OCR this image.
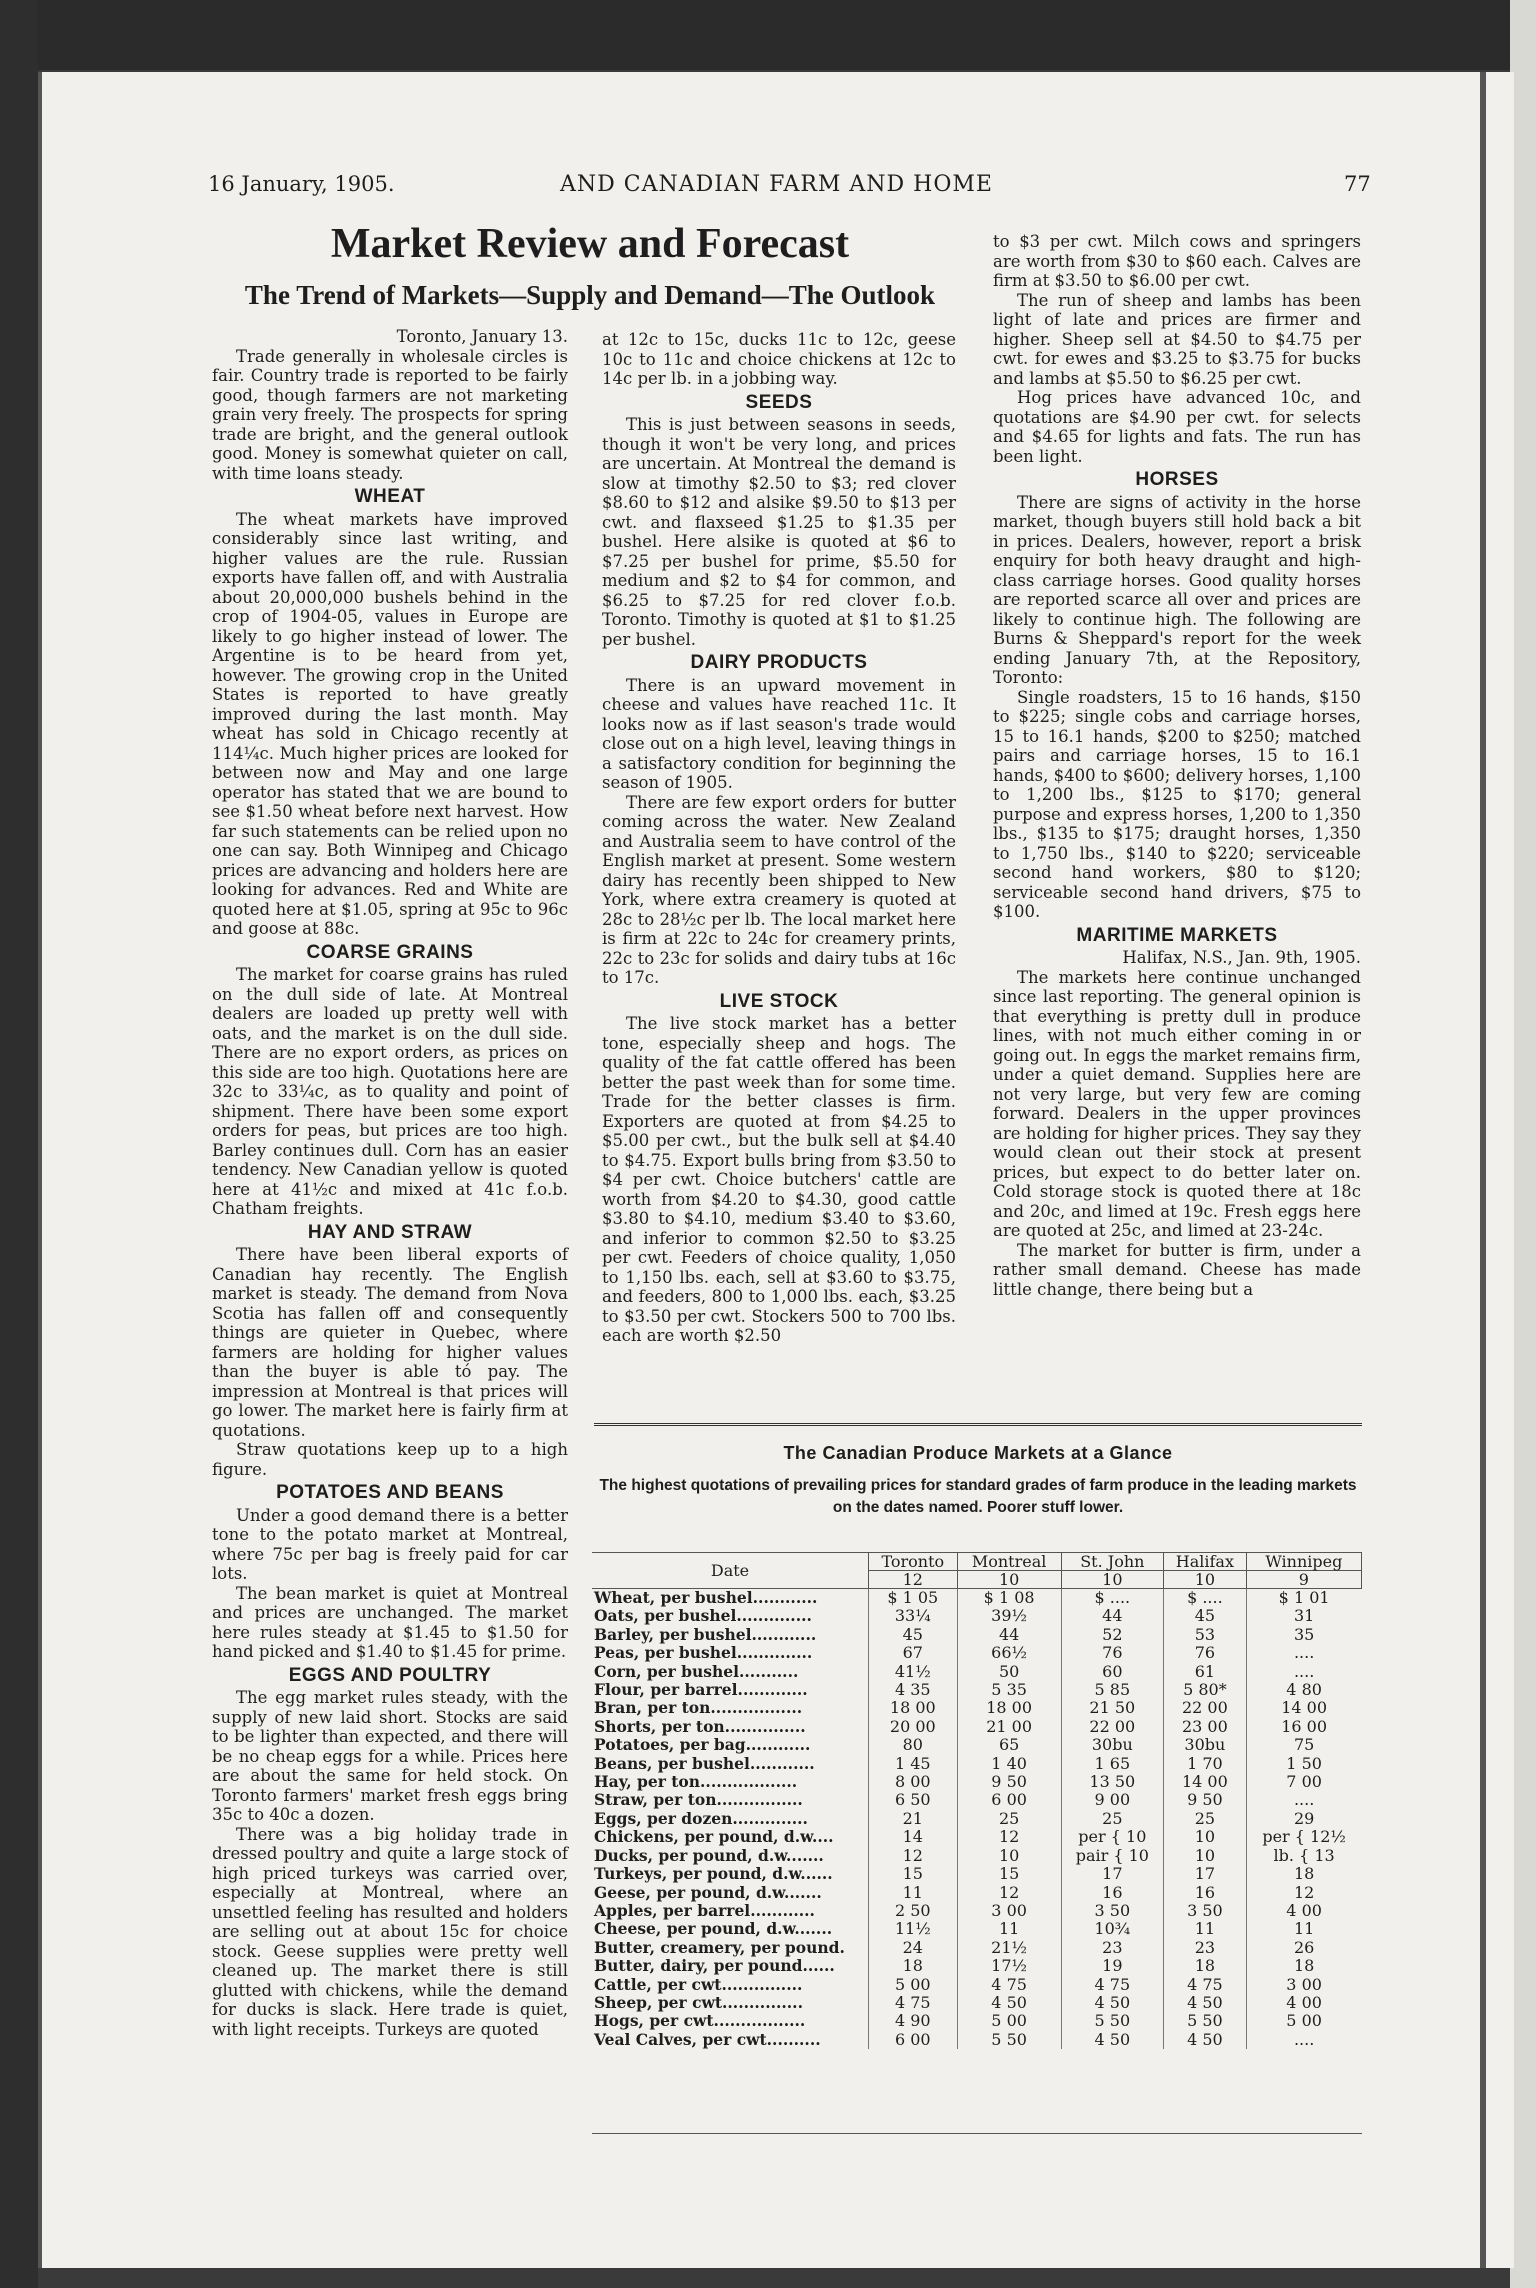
16 January, 1905.	AND CANADIAN FARM AND HOME	77
Market Review and Forecast
The Trend of Markets—Supply and Demand—The Outlook

Toronto, January 13.

Trade generally in wholesale circles is fair. Country trade is reported to be fairly good, though farmers are not marketing grain very freely. The prospects for spring trade are bright, and the general outlook good. Money is somewhat quieter on call, with time loans steady.

WHEAT

The wheat markets have improved considerably since last writing, and higher values are the rule. Russian exports have fallen off, and with Australia about 20,000,000 bushels behind in the crop of 1904-05, values in Europe are likely to go higher instead of lower. The Argentine is to be heard from yet, however. The growing crop in the United States is reported to have greatly improved during the last month. May wheat has sold in Chicago recently at 114¼c. Much higher prices are looked for between now and May and one large operator has stated that we are bound to see $1.50 wheat before next harvest. How far such statements can be relied upon no one can say. Both Winnipeg and Chicago prices are advancing and holders here are looking for advances. Red and White are quoted here at $1.05, spring at 95c to 96c and goose at 88c.

COARSE GRAINS

The market for coarse grains has ruled on the dull side of late. At Montreal dealers are loaded up pretty well with oats, and the market is on the dull side. There are no export orders, as prices on this side are too high. Quotations here are 32c to 33¼c, as to quality and point of shipment. There have been some export orders for peas, but prices are too high. Barley continues dull. Corn has an easier tendency. New Canadian yellow is quoted here at 41½c and mixed at 41c f.o.b. Chatham freights.

HAY AND STRAW

There have been liberal exports of Canadian hay recently. The English market is steady. The demand from Nova Scotia has fallen off and consequently things are quieter in Quebec, where farmers are holding for higher values than the buyer is able tó pay. The impression at Montreal is that prices will go lower. The market here is fairly firm at quotations.

Straw quotations keep up to a high figure.

POTATOES AND BEANS

Under a good demand there is a better tone to the potato market at Montreal, where 75c per bag is freely paid for car lots.

The bean market is quiet at Montreal and prices are unchanged. The market here rules steady at $1.45 to $1.50 for hand picked and $1.40 to $1.45 for prime.

EGGS AND POULTRY

The egg market rules steady, with the supply of new laid short. Stocks are said to be lighter than expected, and there will be no cheap eggs for a while. Prices here are about the same for held stock. On Toronto farmers' market fresh eggs bring 35c to 40c a dozen.

There was a big holiday trade in dressed poultry and quite a large stock of high priced turkeys was carried over, especially at Montreal, where an unsettled feeling has resulted and holders are selling out at about 15c for choice stock. Geese supplies were pretty well cleaned up. The market there is still glutted with chickens, while the demand for ducks is slack. Here trade is quiet, with light receipts. Turkeys are quoted

at 12c to 15c, ducks 11c to 12c, geese 10c to 11c and choice chickens at 12c to 14c per lb. in a jobbing way.

SEEDS

This is just between seasons in seeds, though it won't be very long, and prices are uncertain. At Montreal the demand is slow at timothy $2.50 to $3; red clover $8.60 to $12 and alsike $9.50 to $13 per cwt. and flaxseed $1.25 to $1.35 per bushel. Here alsike is quoted at $6 to $7.25 per bushel for prime, $5.50 for medium and $2 to $4 for common, and $6.25 to $7.25 for red clover f.o.b. Toronto. Timothy is quoted at $1 to $1.25 per bushel.

DAIRY PRODUCTS

There is an upward movement in cheese and values have reached 11c. It looks now as if last season's trade would close out on a high level, leaving things in a satisfactory condition for beginning the season of 1905.

There are few export orders for butter coming across the water. New Zealand and Australia seem to have control of the English market at present. Some western dairy has recently been shipped to New York, where extra creamery is quoted at 28c to 28½c per lb. The local market here is firm at 22c to 24c for creamery prints, 22c to 23c for solids and dairy tubs at 16c to 17c.

LIVE STOCK

The live stock market has a better tone, especially sheep and hogs. The quality of the fat cattle offered has been better the past week than for some time. Trade for the better classes is firm. Exporters are quoted at from $4.25 to $5.00 per cwt., but the bulk sell at $4.40 to $4.75. Export bulls bring from $3.50 to $4 per cwt. Choice butchers' cattle are worth from $4.20 to $4.30, good cattle $3.80 to $4.10, medium $3.40 to $3.60, and inferior to common $2.50 to $3.25 per cwt. Feeders of choice quality, 1,050 to 1,150 lbs. each, sell at $3.60 to $3.75, and feeders, 800 to 1,000 lbs. each, $3.25 to $3.50 per cwt. Stockers 500 to 700 lbs. each are worth $2.50

to $3 per cwt. Milch cows and springers are worth from $30 to $60 each. Calves are firm at $3.50 to $6.00 per cwt.

The run of sheep and lambs has been light of late and prices are firmer and higher. Sheep sell at $4.50 to $4.75 per cwt. for ewes and $3.25 to $3.75 for bucks and lambs at $5.50 to $6.25 per cwt.

Hog prices have advanced 10c, and quotations are $4.90 per cwt. for selects and $4.65 for lights and fats. The run has been light.

HORSES

There are signs of activity in the horse market, though buyers still hold back a bit in prices. Dealers, however, report a brisk enquiry for both heavy draught and high-class carriage horses. Good quality horses are reported scarce all over and prices are likely to continue high. The following are Burns & Sheppard's report for the week ending January 7th, at the Repository, Toronto:

Single roadsters, 15 to 16 hands, $150 to $225; single cobs and carriage horses, 15 to 16.1 hands, $200 to $250; matched pairs and carriage horses, 15 to 16.1 hands, $400 to $600; delivery horses, 1,100 to 1,200 lbs., $125 to $170; general purpose and express horses, 1,200 to 1,350 lbs., $135 to $175; draught horses, 1,350 to 1,750 lbs., $140 to $220; serviceable second hand workers, $80 to $120; serviceable second hand drivers, $75 to $100.

MARITIME MARKETS

Halifax, N.S., Jan. 9th, 1905.

The markets here continue unchanged since last reporting. The general opinion is that everything is pretty dull in produce lines, with not much either coming in or going out. In eggs the market remains firm, under a quiet demand. Supplies here are not very large, but very few are coming forward. Dealers in the upper provinces are holding for higher prices. They say they would clean out their stock at present prices, but expect to do better later on. Cold storage stock is quoted there at 18c and 20c, and limed at 19c. Fresh eggs here are quoted at 25c, and limed at 23-24c.

The market for butter is firm, under a rather small demand. Cheese has made little change, there being but a

The Canadian Produce Markets at a Glance
The highest quotations of prevailing prices for standard grades of farm produce in the leading markets on the dates named. Poorer stuff lower.
Date	Toronto	Montreal	St. John	Halifax	Winnipeg
	12	10	10	10	9
Wheat, per bushel............	$ 1 05	$ 1 08	$ ....	$ ....	$ 1 01
Oats, per bushel..............	33¼	39½	44	45	31
Barley, per bushel............	45	44	52	53	35
Peas, per bushel..............	67	66½	76	76	....
Corn, per bushel...........	41½	50	60	61	....
Flour, per barrel.............	4 35	5 35	5 85	5 80*	4 80
Bran, per ton.................	18 00	18 00	21 50	22 00	14 00
Shorts, per ton...............	20 00	21 00	22 00	23 00	16 00
Potatoes, per bag............	80	65	30bu	30bu	75
Beans, per bushel............	1 45	1 40	1 65	1 70	1 50
Hay, per ton..................	8 00	9 50	13 50	14 00	7 00
Straw, per ton................	6 50	6 00	9 00	9 50	....
Eggs, per dozen..............	21	25	25	25	29
Chickens, per pound, d.w....	14	12	per { 10	10	per { 12½
Ducks, per pound, d.w.......	12	10	pair { 10	10	lb. { 13
Turkeys, per pound, d.w......	15	15	17	17	18
Geese, per pound, d.w.......	11	12	16	16	12
Apples, per barrel............	2 50	3 00	3 50	3 50	4 00
Cheese, per pound, d.w.......	11½	11	10¾	11	11
Butter, creamery, per pound.	24	21½	23	23	26
Butter, dairy, per pound......	18	17½	19	18	18
Cattle, per cwt...............	5 00	4 75	4 75	4 75	3 00
Sheep, per cwt...............	4 75	4 50	4 50	4 50	4 00
Hogs, per cwt.................	4 90	5 00	5 50	5 50	5 00
Veal Calves, per cwt..........	6 00	5 50	4 50	4 50	....
